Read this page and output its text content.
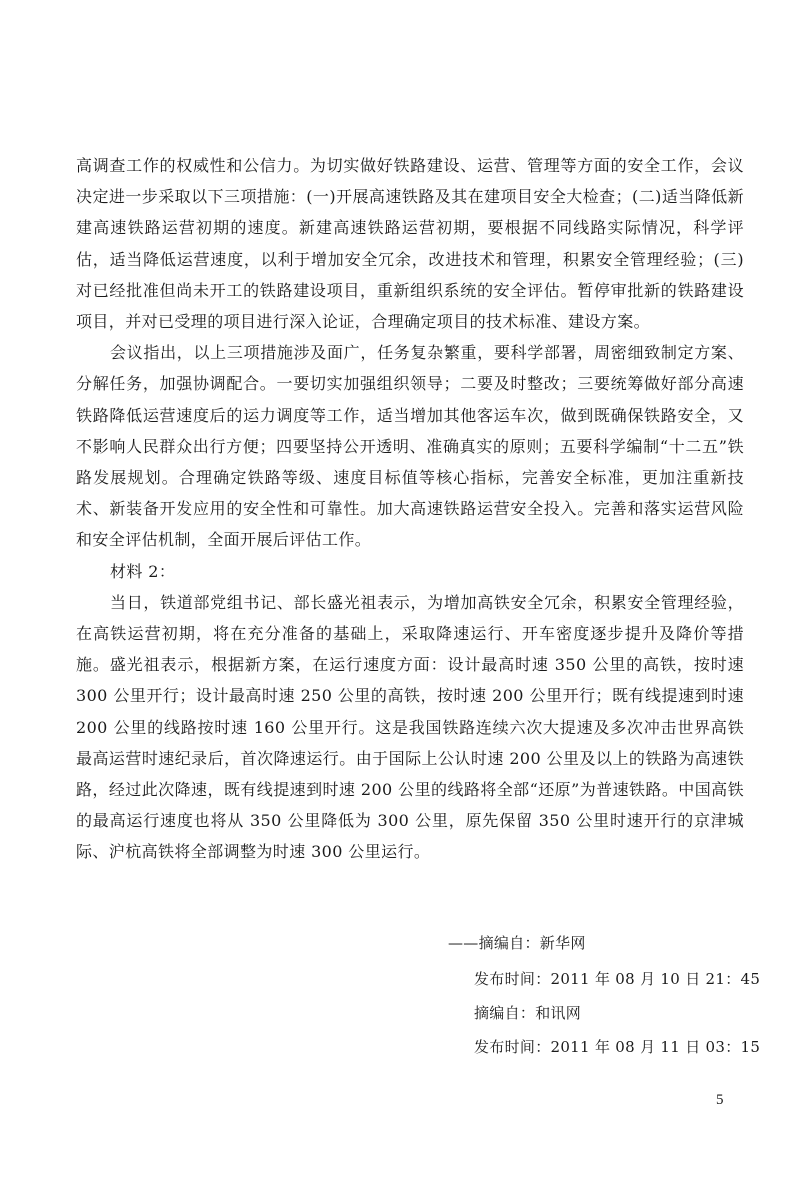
高调查工作的权威性和公信力。为切实做好铁路建设、运营、管理等方面的安全工作，会议决定进一步采取以下三项措施：(一)开展高速铁路及其在建项目安全大检查；(二)适当降低新建高速铁路运营初期的速度。新建高速铁路运营初期，要根据不同线路实际情况，科学评估，适当降低运营速度，以利于增加安全冗余，改进技术和管理，积累安全管理经验；(三)对已经批准但尚未开工的铁路建设项目，重新组织系统的安全评估。暂停审批新的铁路建设项目，并对已受理的项目进行深入论证，合理确定项目的技术标准、建设方案。

会议指出，以上三项措施涉及面广，任务复杂繁重，要科学部署，周密细致制定方案、分解任务，加强协调配合。一要切实加强组织领导；二要及时整改；三要统筹做好部分高速铁路降低运营速度后的运力调度等工作，适当增加其他客运车次，做到既确保铁路安全，又不影响人民群众出行方便；四要坚持公开透明、准确真实的原则；五要科学编制“十二五”铁路发展规划。合理确定铁路等级、速度目标值等核心指标，完善安全标准，更加注重新技术、新装备开发应用的安全性和可靠性。加大高速铁路运营安全投入。完善和落实运营风险和安全评估机制，全面开展后评估工作。

材料 2：

当日，铁道部党组书记、部长盛光祖表示，为增加高铁安全冗余，积累安全管理经验，在高铁运营初期，将在充分准备的基础上，采取降速运行、开车密度逐步提升及降价等措施。盛光祖表示，根据新方案，在运行速度方面：设计最高时速 350 公里的高铁，按时速 300 公里开行；设计最高时速 250 公里的高铁，按时速 200 公里开行；既有线提速到时速 200 公里的线路按时速 160 公里开行。这是我国铁路连续六次大提速及多次冲击世界高铁最高运营时速纪录后，首次降速运行。由于国际上公认时速 200 公里及以上的铁路为高速铁路，经过此次降速，既有线提速到时速 200 公里的线路将全部“还原”为普速铁路。中国高铁的最高运行速度也将从 350 公里降低为 300 公里，原先保留 350 公里时速开行的京津城际、沪杭高铁将全部调整为时速 300 公里运行。

——摘编自：新华网
发布时间：2011 年 08 月 10 日 21：45
摘编自：和讯网
发布时间：2011 年 08 月 11 日 03：15
5
